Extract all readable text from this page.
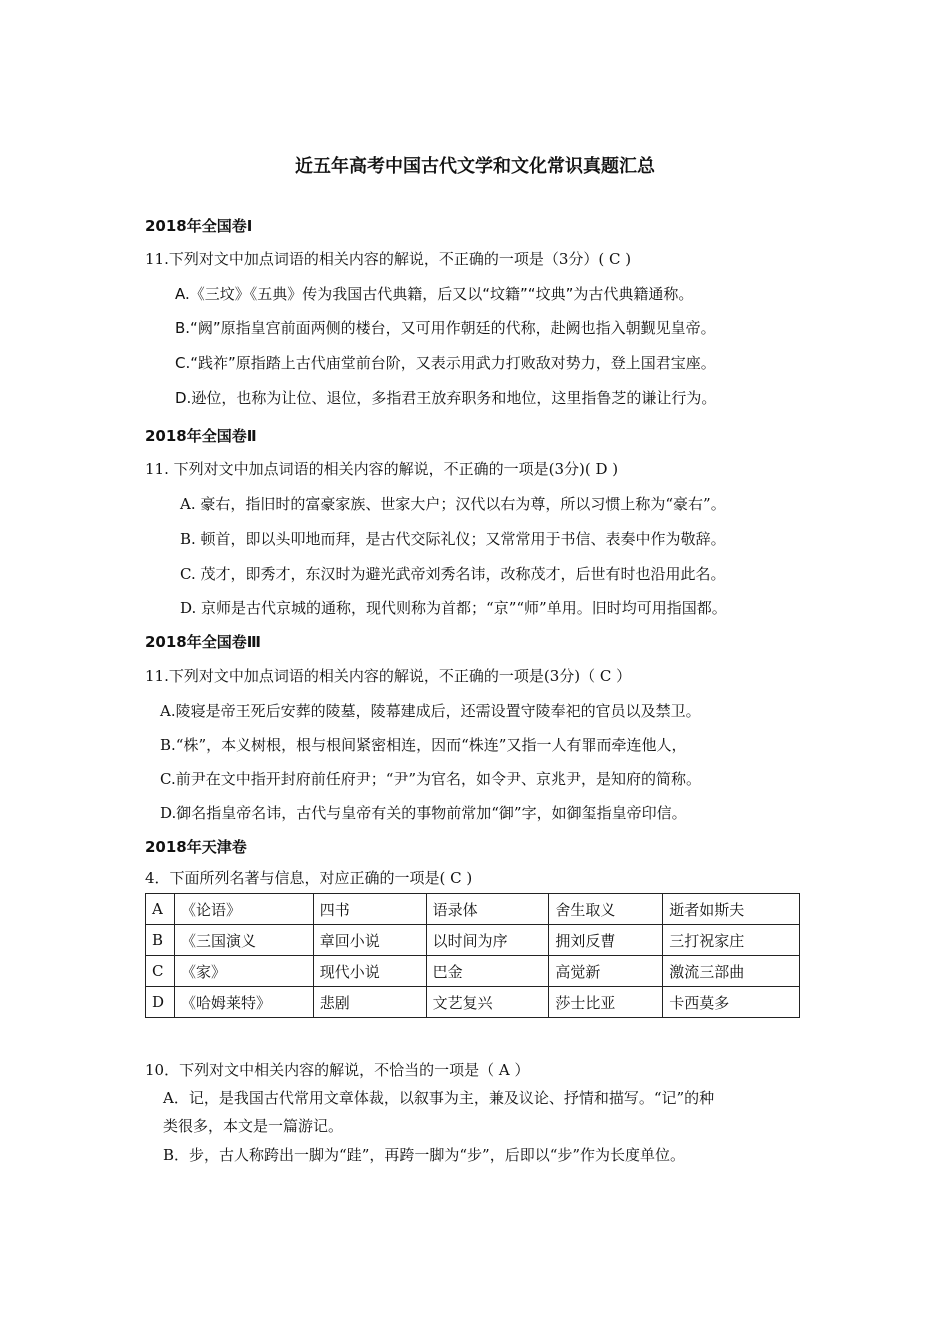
近五年高考中国古代文学和文化常识真题汇总
2018年全国卷Ⅰ
11.下列对文中加点词语的相关内容的解说，不正确的一项是（3分）( C )
A.《三坟》《五典》传为我国古代典籍，后又以“坟籍”“坟典”为古代典籍通称。
B.“阙”原指皇宫前面两侧的楼台，又可用作朝廷的代称，赴阙也指入朝觐见皇帝。
C.“践祚”原指踏上古代庙堂前台阶，又表示用武力打败敌对势力，登上国君宝座。
D.逊位，也称为让位、退位，多指君王放弃职务和地位，这里指鲁芝的谦让行为。
2018年全国卷Ⅱ
11. 下列对文中加点词语的相关内容的解说，不正确的一项是(3分)( D )
A. 豪右，指旧时的富豪家族、世家大户；汉代以右为尊，所以习惯上称为“豪右”。
B. 顿首，即以头叩地而拜，是古代交际礼仪；又常常用于书信、表奏中作为敬辞。
C. 茂才，即秀才，东汉时为避光武帝刘秀名讳，改称茂才，后世有时也沿用此名。
D. 京师是古代京城的通称，现代则称为首都；“京”“师”单用。旧时均可用指国都。
2018年全国卷Ⅲ
11.下列对文中加点词语的相关内容的解说，不正确的一项是(3分)（ C ）
A.陵寝是帝王死后安葬的陵墓，陵幕建成后，还需设置守陵奉祀的官员以及禁卫。
B.“株”，本义树根，根与根间紧密相连，因而“株连”又指一人有罪而牵连他人，
C.前尹在文中指开封府前任府尹；“尹”为官名，如令尹、京兆尹，是知府的简称。
D.御名指皇帝名讳，古代与皇帝有关的事物前常加“御”字，如御玺指皇帝印信。
2018年天津卷
4．下面所列名著与信息，对应正确的一项是( C )
A	《论语》	四书	语录体	舍生取义	逝者如斯夫
B	《三国演义	章回小说	以时间为序	拥刘反曹	三打祝家庄
C	《家》	现代小说	巴金	高觉新	激流三部曲
D	《哈姆莱特》	悲剧	文艺复兴	莎士比亚	卡西莫多
10．下列对文中相关内容的解说，不恰当的一项是（ A ）
A．记，是我国古代常用文章体裁，以叙事为主，兼及议论、抒情和描写。“记”的种
类很多，本文是一篇游记。
B．步，古人称跨出一脚为“跬”，再跨一脚为“步”，后即以“步”作为长度单位。
